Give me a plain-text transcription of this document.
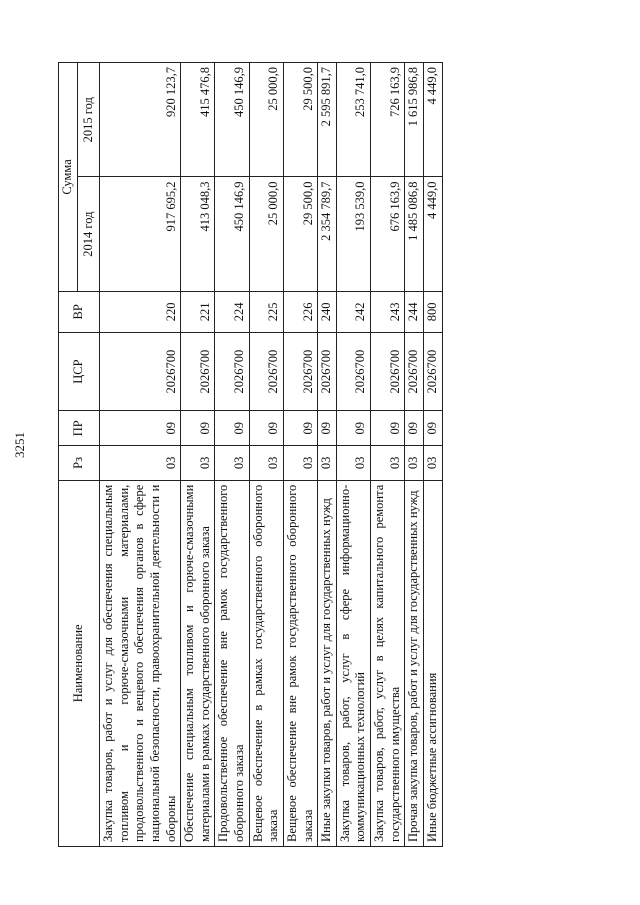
3251
Наименование	Рз	ПР	ЦСР	ВР	Сумма	
					2014 год	2015 год
Закупка товаров, работ и услуг для обеспечения специальным топливом и горюче-смазочными материалами, продовольственного и вещевого обеспечения органов в сфере национальной безопасности, правоохранительной деятельности и обороны	03	09	2026700	220	917 695,2	920 123,7
Обеспечение специальным топливом и горюче-смазочными материалами в рамках государственного оборонного заказа	03	09	2026700	221	413 048,3	415 476,8
Продовольственное обеспечение вне рамок государственного оборонного заказа	03	09	2026700	224	450 146,9	450 146,9
Вещевое обеспечение в рамках государственного оборонного заказа	03	09	2026700	225	25 000,0	25 000,0
Вещевое обеспечение вне рамок государственного оборонного заказа	03	09	2026700	226	29 500,0	29 500,0
Иные закупки товаров, работ и услуг для государственных нужд	03	09	2026700	240	2 354 789,7	2 595 891,7
Закупка товаров, работ, услуг в сфере информационно-коммуникационных технологий	03	09	2026700	242	193 539,0	253 741,0
Закупка товаров, работ, услуг в целях капитального ремонта государственного имущества	03	09	2026700	243	676 163,9	726 163,9
Прочая закупка товаров, работ и услуг для государственных нужд	03	09	2026700	244	1 485 086,8	1 615 986,8
Иные бюджетные ассигнования	03	09	2026700	800	4 449,0	4 449,0
